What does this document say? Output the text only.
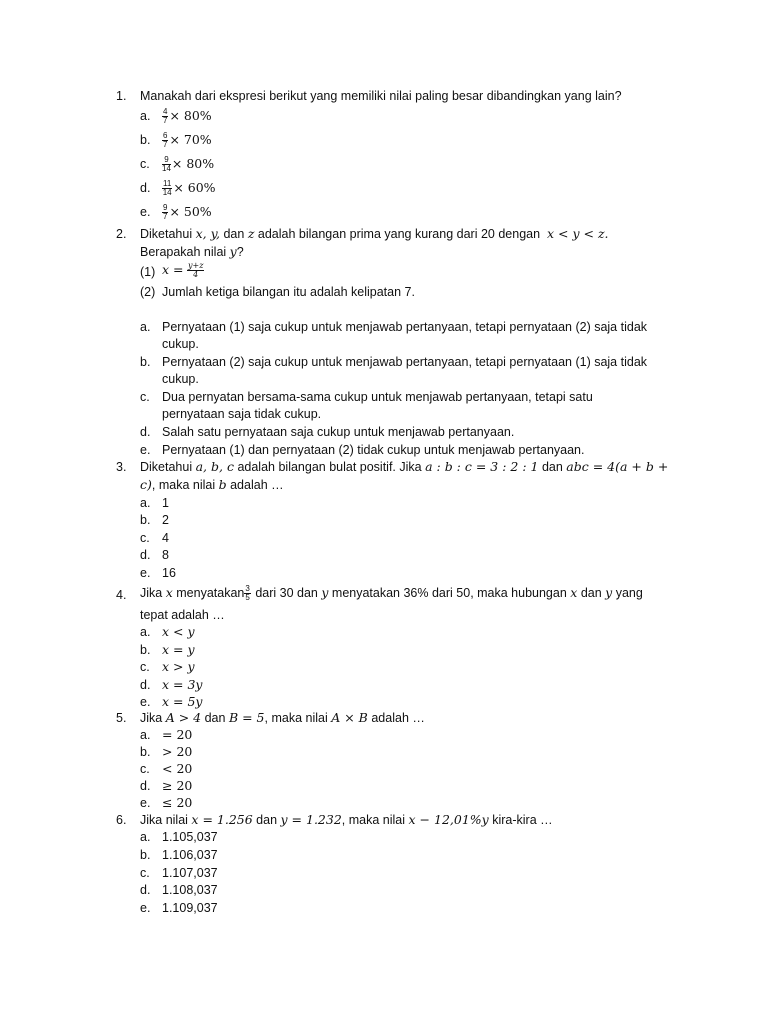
1. Manakah dari ekspresi berikut yang memiliki nilai paling besar dibandingkan yang lain?
a. $\frac{4}{7} \times 80\%$
b. $\frac{6}{7} \times 70\%$
c. $\frac{9}{14} \times 80\%$
d. $\frac{11}{14} \times 60\%$
e. $\frac{9}{7} \times 50\%$
2. Diketahui x, y, dan z adalah bilangan prima yang kurang dari 20 dengan x < y < z.
Berapakah nilai y?
(1) $x = \frac{y+z}{4}$
(2) Jumlah ketiga bilangan itu adalah kelipatan 7.
a. Pernyataan (1) saja cukup untuk menjawab pertanyaan, tetapi pernyataan (2) saja tidak
cukup.
b. Pernyataan (2) saja cukup untuk menjawab pertanyaan, tetapi pernyataan (1) saja tidak
cukup.
c. Dua pernyatan bersama-sama cukup untuk menjawab pertanyaan, tetapi satu
pernyataan saja tidak cukup.
d. Salah satu pernyataan saja cukup untuk menjawab pertanyaan.
e. Pernyataan (1) dan pernyataan (2) tidak cukup untuk menjawab pertanyaan.
3. Diketahui a, b, c adalah bilangan bulat positif. Jika a : b : c = 3 : 2 : 1 dan abc = 4(a + b +
c), maka nilai b adalah …
a. 1
b. 2
c. 4
d. 8
e. 16
4. Jika x menyatakan $\frac{3}{5}$ dari 30 dan y menyatakan 36% dari 50, maka hubungan x dan y yang
tepat adalah …
a. x < y
b. x = y
c. x > y
d. x = 3y
e. x = 5y
5. Jika A > 4 dan B = 5, maka nilai A × B adalah …
a. = 20
b. > 20
c. < 20
d. ≥ 20
e. ≤ 20
6. Jika nilai x = 1.256 dan y = 1.232, maka nilai x − 12,01%y kira-kira …
a. 1.105,037
b. 1.106,037
c. 1.107,037
d. 1.108,037
e. 1.109,037
